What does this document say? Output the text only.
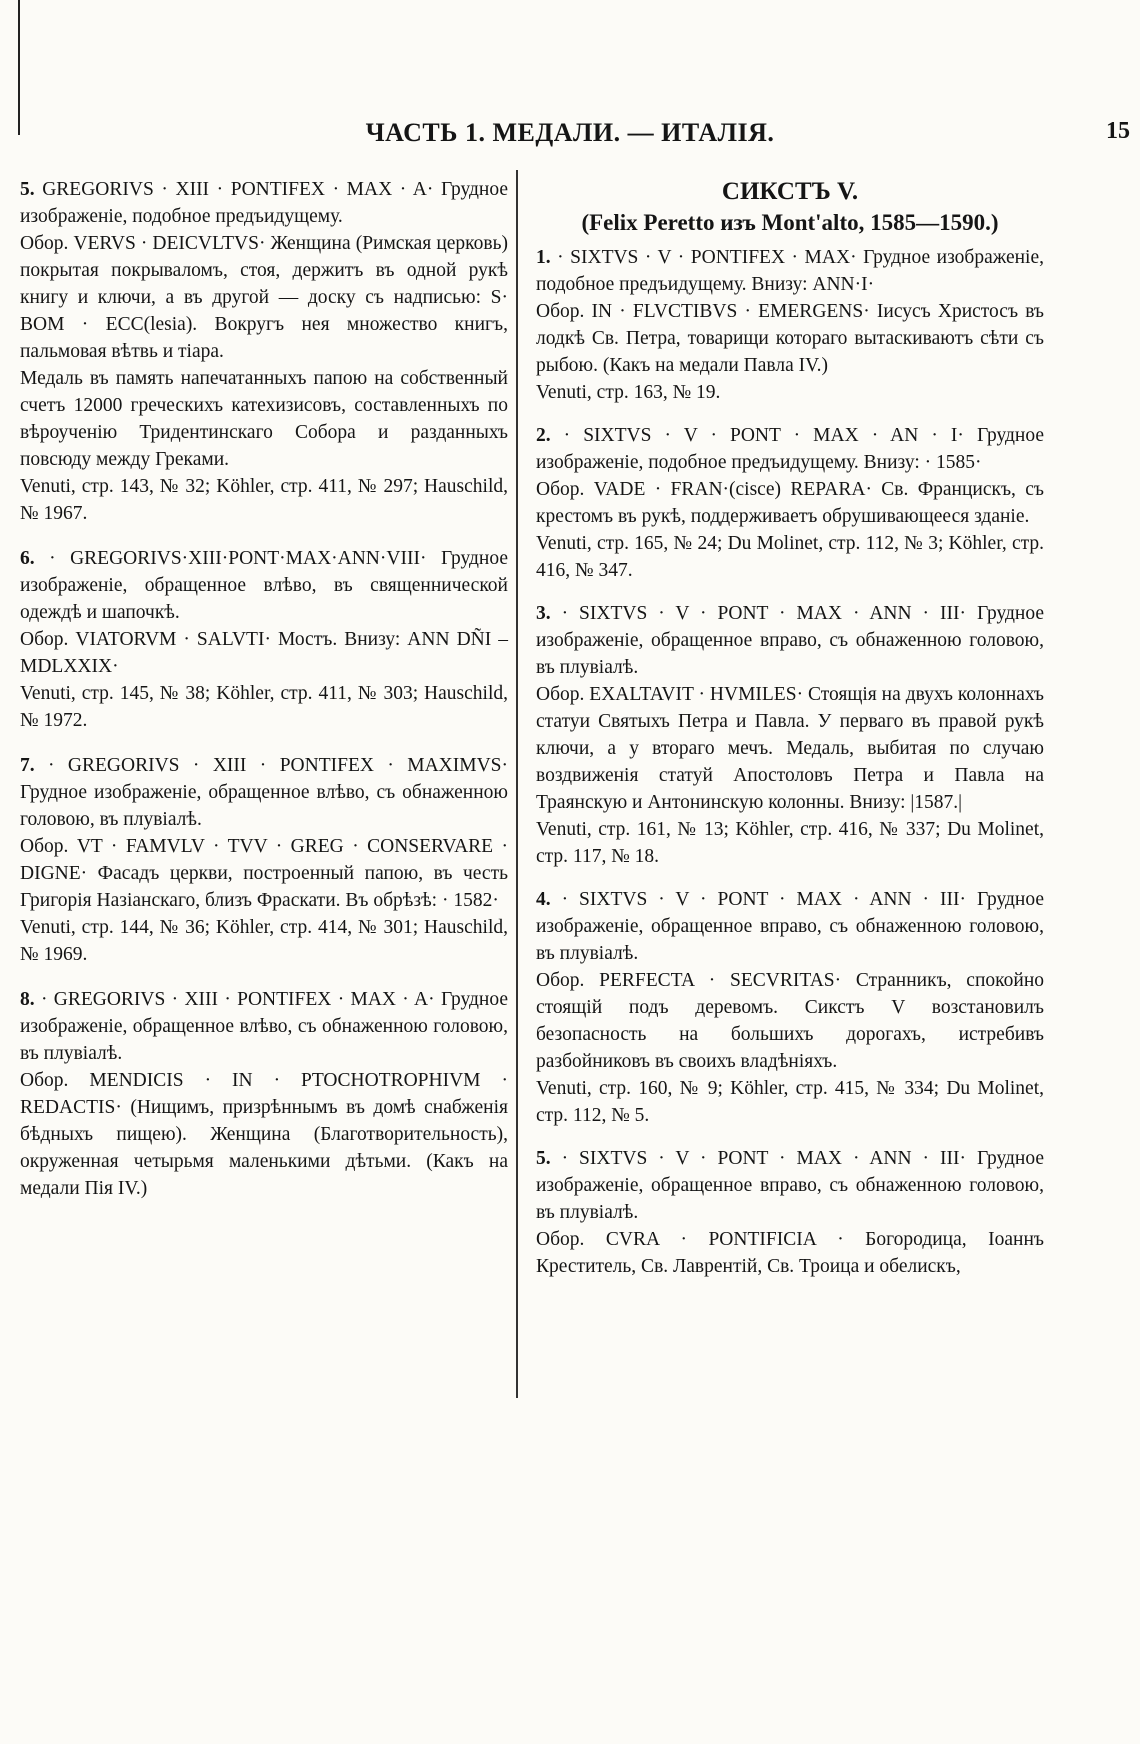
ЧАСТЬ 1. МЕДАЛИ. — ИТАЛІЯ.	15

5. GREGORIVS · XIII · PONTIFEX · MAX · A· Грудное изображеніе, подобное предъидущему.

Обор. VERVS · DEICVLTVS· Женщина (Римская церковь) покрытая покрываломъ, стоя, держитъ въ одной рукѣ книгу и ключи, а въ другой — доску съ надписью: S· BOM · ECC(lesia). Вокругъ нея множество книгъ, пальмовая вѣтвь и тіара.

Медаль въ память напечатанныхъ папою на собственный счетъ 12000 греческихъ катехизисовъ, составленныхъ по вѣроученію Тридентинскаго Собора и разданныхъ повсюду между Греками.

Venuti, стр. 143, № 32; Köhler, стр. 411, № 297; Hauschild, № 1967.

6. · GREGORIVS·XIII·PONT·MAX·ANN·VIII· Грудное изображеніе, обращенное влѣво, въ священнической одеждѣ и шапочкѣ.

Обор. VIATORVM · SALVTI· Мостъ. Внизу: ANN DÑI – MDLXXIX·

Venuti, стр. 145, № 38; Köhler, стр. 411, № 303; Hauschild, № 1972.

7. · GREGORIVS · XIII · PONTIFEX · MAXIMVS· Грудное изображеніе, обращенное влѣво, съ обнаженною головою, въ плувіалѣ.

Обор. VT · FAMVLV · TVV · GREG · CONSERVARE · DIGNE· Фасадъ церкви, построенный папою, въ честь Григорія Назіанскаго, близъ Фраскати. Въ обрѣзѣ: · 1582·

Venuti, стр. 144, № 36; Köhler, стр. 414, № 301; Hauschild, № 1969.

8. · GREGORIVS · XIII · PONTIFEX · MAX · A· Грудное изображеніе, обращенное влѣво, съ обнаженною головою, въ плувіалѣ.

Обор. MENDICIS · IN · PTOCHOTROPHIVM · REDACTIS· (Нищимъ, призрѣннымъ въ домѣ снабженія бѣдныхъ пищею). Женщина (Благотворительность), окруженная четырьмя маленькими дѣтьми. (Какъ на медали Пія IV.)

СИКСТЪ V.
(Felix Peretto изъ Mont'alto, 1585—1590.)

1. · SIXTVS · V · PONTIFEX · MAX· Грудное изображеніе, подобное предъидущему. Внизу: ANN·I·

Обор. IN · FLVCTIBVS · EMERGENS· Іисусъ Христосъ въ лодкѣ Св. Петра, товарищи котораго вытаскиваютъ сѣти съ рыбою. (Какъ на медали Павла IV.)

Venuti, стр. 163, № 19.

2. · SIXTVS · V · PONT · MAX · AN · I· Грудное изображеніе, подобное предъидущему. Внизу: · 1585·

Обор. VADE · FRAN·(cisce) REPARA· Св. Францискъ, съ крестомъ въ рукѣ, поддерживаетъ обрушивающееся зданіе.

Venuti, стр. 165, № 24; Du Molinet, стр. 112, № 3; Köhler, стр. 416, № 347.

3. · SIXTVS · V · PONT · MAX · ANN · III· Грудное изображеніе, обращенное вправо, съ обнаженною головою, въ плувіалѣ.

Обор. EXALTAVIT · HVMILES· Стоящія на двухъ колоннахъ статуи Святыхъ Петра и Павла. У перваго въ правой рукѣ ключи, а у втораго мечъ. Медаль, выбитая по случаю воздвиженія статуй Апостоловъ Петра и Павла на Траянскую и Антонинскую колонны. Внизу: |1587.|

Venuti, стр. 161, № 13; Köhler, стр. 416, № 337; Du Molinet, стр. 117, № 18.

4. · SIXTVS · V · PONT · MAX · ANN · III· Грудное изображеніе, обращенное вправо, съ обнаженною головою, въ плувіалѣ.

Обор. PERFECTA · SECVRITAS· Странникъ, спокойно стоящій подъ деревомъ. Сикстъ V возстановилъ безопасность на большихъ дорогахъ, истребивъ разбойниковъ въ своихъ владѣніяхъ.

Venuti, стр. 160, № 9; Köhler, стр. 415, № 334; Du Molinet, стр. 112, № 5.

5. · SIXTVS · V · PONT · MAX · ANN · III· Грудное изображеніе, обращенное вправо, съ обнаженною головою, въ плувіалѣ.

Обор. CVRA · PONTIFICIA · Богородица, Іоаннъ Креститель, Св. Лаврентій, Св. Троица и обелискъ,
